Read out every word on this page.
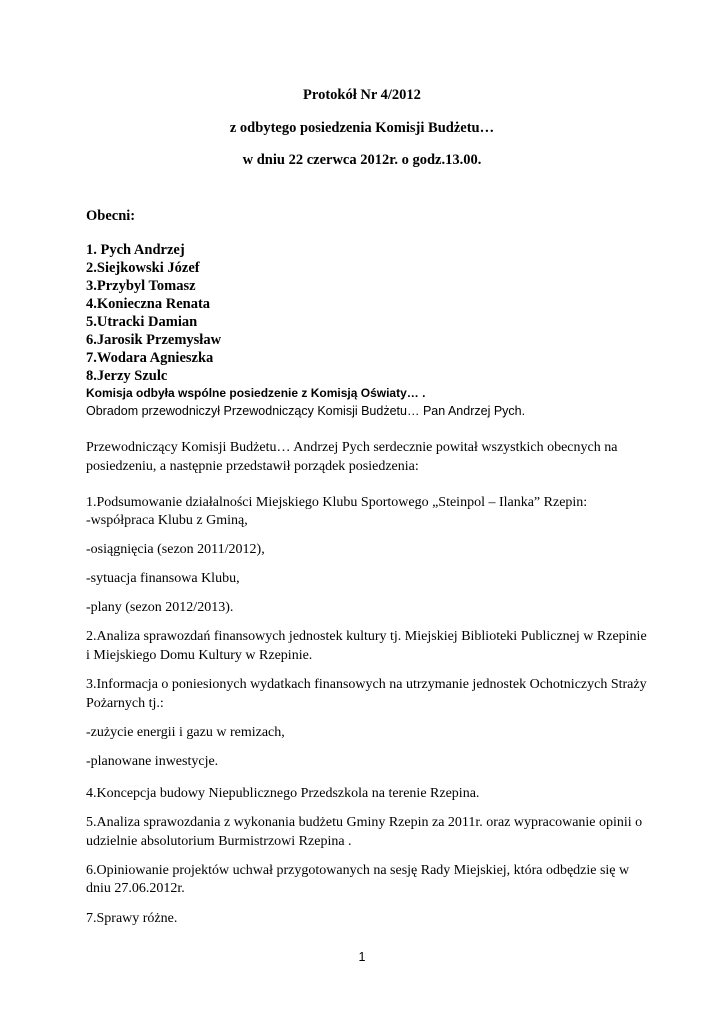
Protokół Nr 4/2012

z odbytego posiedzenia Komisji Budżetu…

w dniu 22 czerwca 2012r. o godz.13.00.

Obecni:

1. Pych Andrzej

2.Siejkowski Józef

3.Przybyl Tomasz

4.Konieczna Renata

5.Utracki Damian

6.Jarosik Przemysław

7.Wodara Agnieszka

8.Jerzy Szulc

Komisja odbyła wspólne posiedzenie z Komisją Oświaty… .

Obradom przewodniczył Przewodniczący Komisji Budżetu… Pan Andrzej Pych.

Przewodniczący Komisji Budżetu… Andrzej Pych serdecznie powitał wszystkich obecnych na

posiedzeniu, a następnie przedstawił porządek posiedzenia:

1.Podsumowanie działalności Miejskiego Klubu Sportowego „Steinpol – Ilanka” Rzepin:

-współpraca Klubu z Gminą,

-osiągnięcia (sezon 2011/2012),

-sytuacja finansowa Klubu,

-plany (sezon 2012/2013).

2.Analiza sprawozdań finansowych jednostek kultury tj. Miejskiej Biblioteki Publicznej w Rzepinie

i Miejskiego Domu Kultury w Rzepinie.

3.Informacja o poniesionych wydatkach finansowych na utrzymanie jednostek Ochotniczych Straży

Pożarnych tj.:

-zużycie energii i gazu w remizach,

-planowane inwestycje.

4.Koncepcja budowy Niepublicznego Przedszkola na terenie Rzepina.

5.Analiza sprawozdania z wykonania budżetu Gminy Rzepin za 2011r. oraz wypracowanie opinii o

udzielnie absolutorium Burmistrzowi Rzepina .

6.Opiniowanie projektów uchwał przygotowanych na sesję Rady Miejskiej, która odbędzie się w

dniu 27.06.2012r.

7.Sprawy różne.

1
